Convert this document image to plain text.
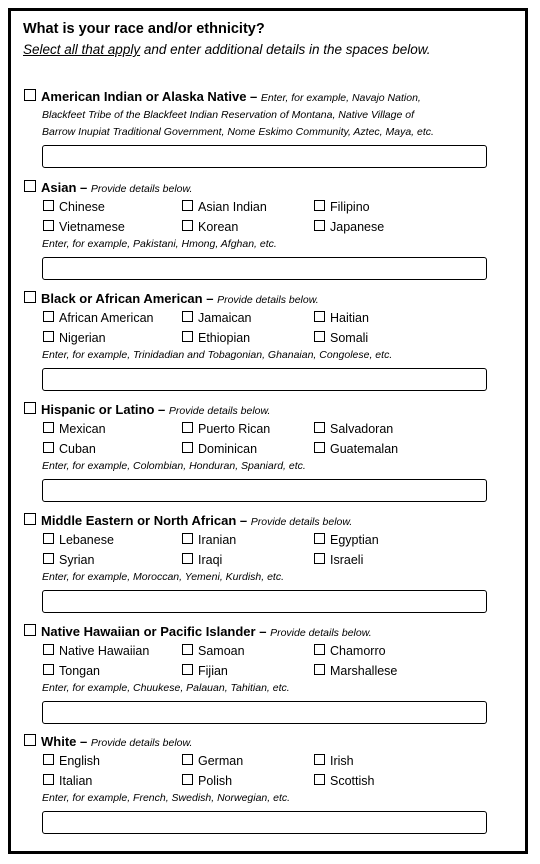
What is your race and/or ethnicity?
Select all that apply and enter additional details in the spaces below.
American Indian or Alaska Native – Enter, for example, Navajo Nation,
Blackfeet Tribe of the Blackfeet Indian Reservation of Montana, Native Village of
Barrow Inupiat Traditional Government, Nome Eskimo Community, Aztec, Maya, etc.
Asian – Provide details below.
Chinese	Asian Indian	Filipino
Vietnamese	Korean	Japanese
Enter, for example, Pakistani, Hmong, Afghan, etc.
Black or African American – Provide details below.
African American	Jamaican	Haitian
Nigerian	Ethiopian	Somali
Enter, for example, Trinidadian and Tobagonian, Ghanaian, Congolese, etc.
Hispanic or Latino – Provide details below.
Mexican	Puerto Rican	Salvadoran
Cuban	Dominican	Guatemalan
Enter, for example, Colombian, Honduran, Spaniard, etc.
Middle Eastern or North African – Provide details below.
Lebanese	Iranian	Egyptian
Syrian	Iraqi	Israeli
Enter, for example, Moroccan, Yemeni, Kurdish, etc.
Native Hawaiian or Pacific Islander – Provide details below.
Native Hawaiian	Samoan	Chamorro
Tongan	Fijian	Marshallese
Enter, for example, Chuukese, Palauan, Tahitian, etc.
White – Provide details below.
English	German	Irish
Italian	Polish	Scottish
Enter, for example, French, Swedish, Norwegian, etc.
